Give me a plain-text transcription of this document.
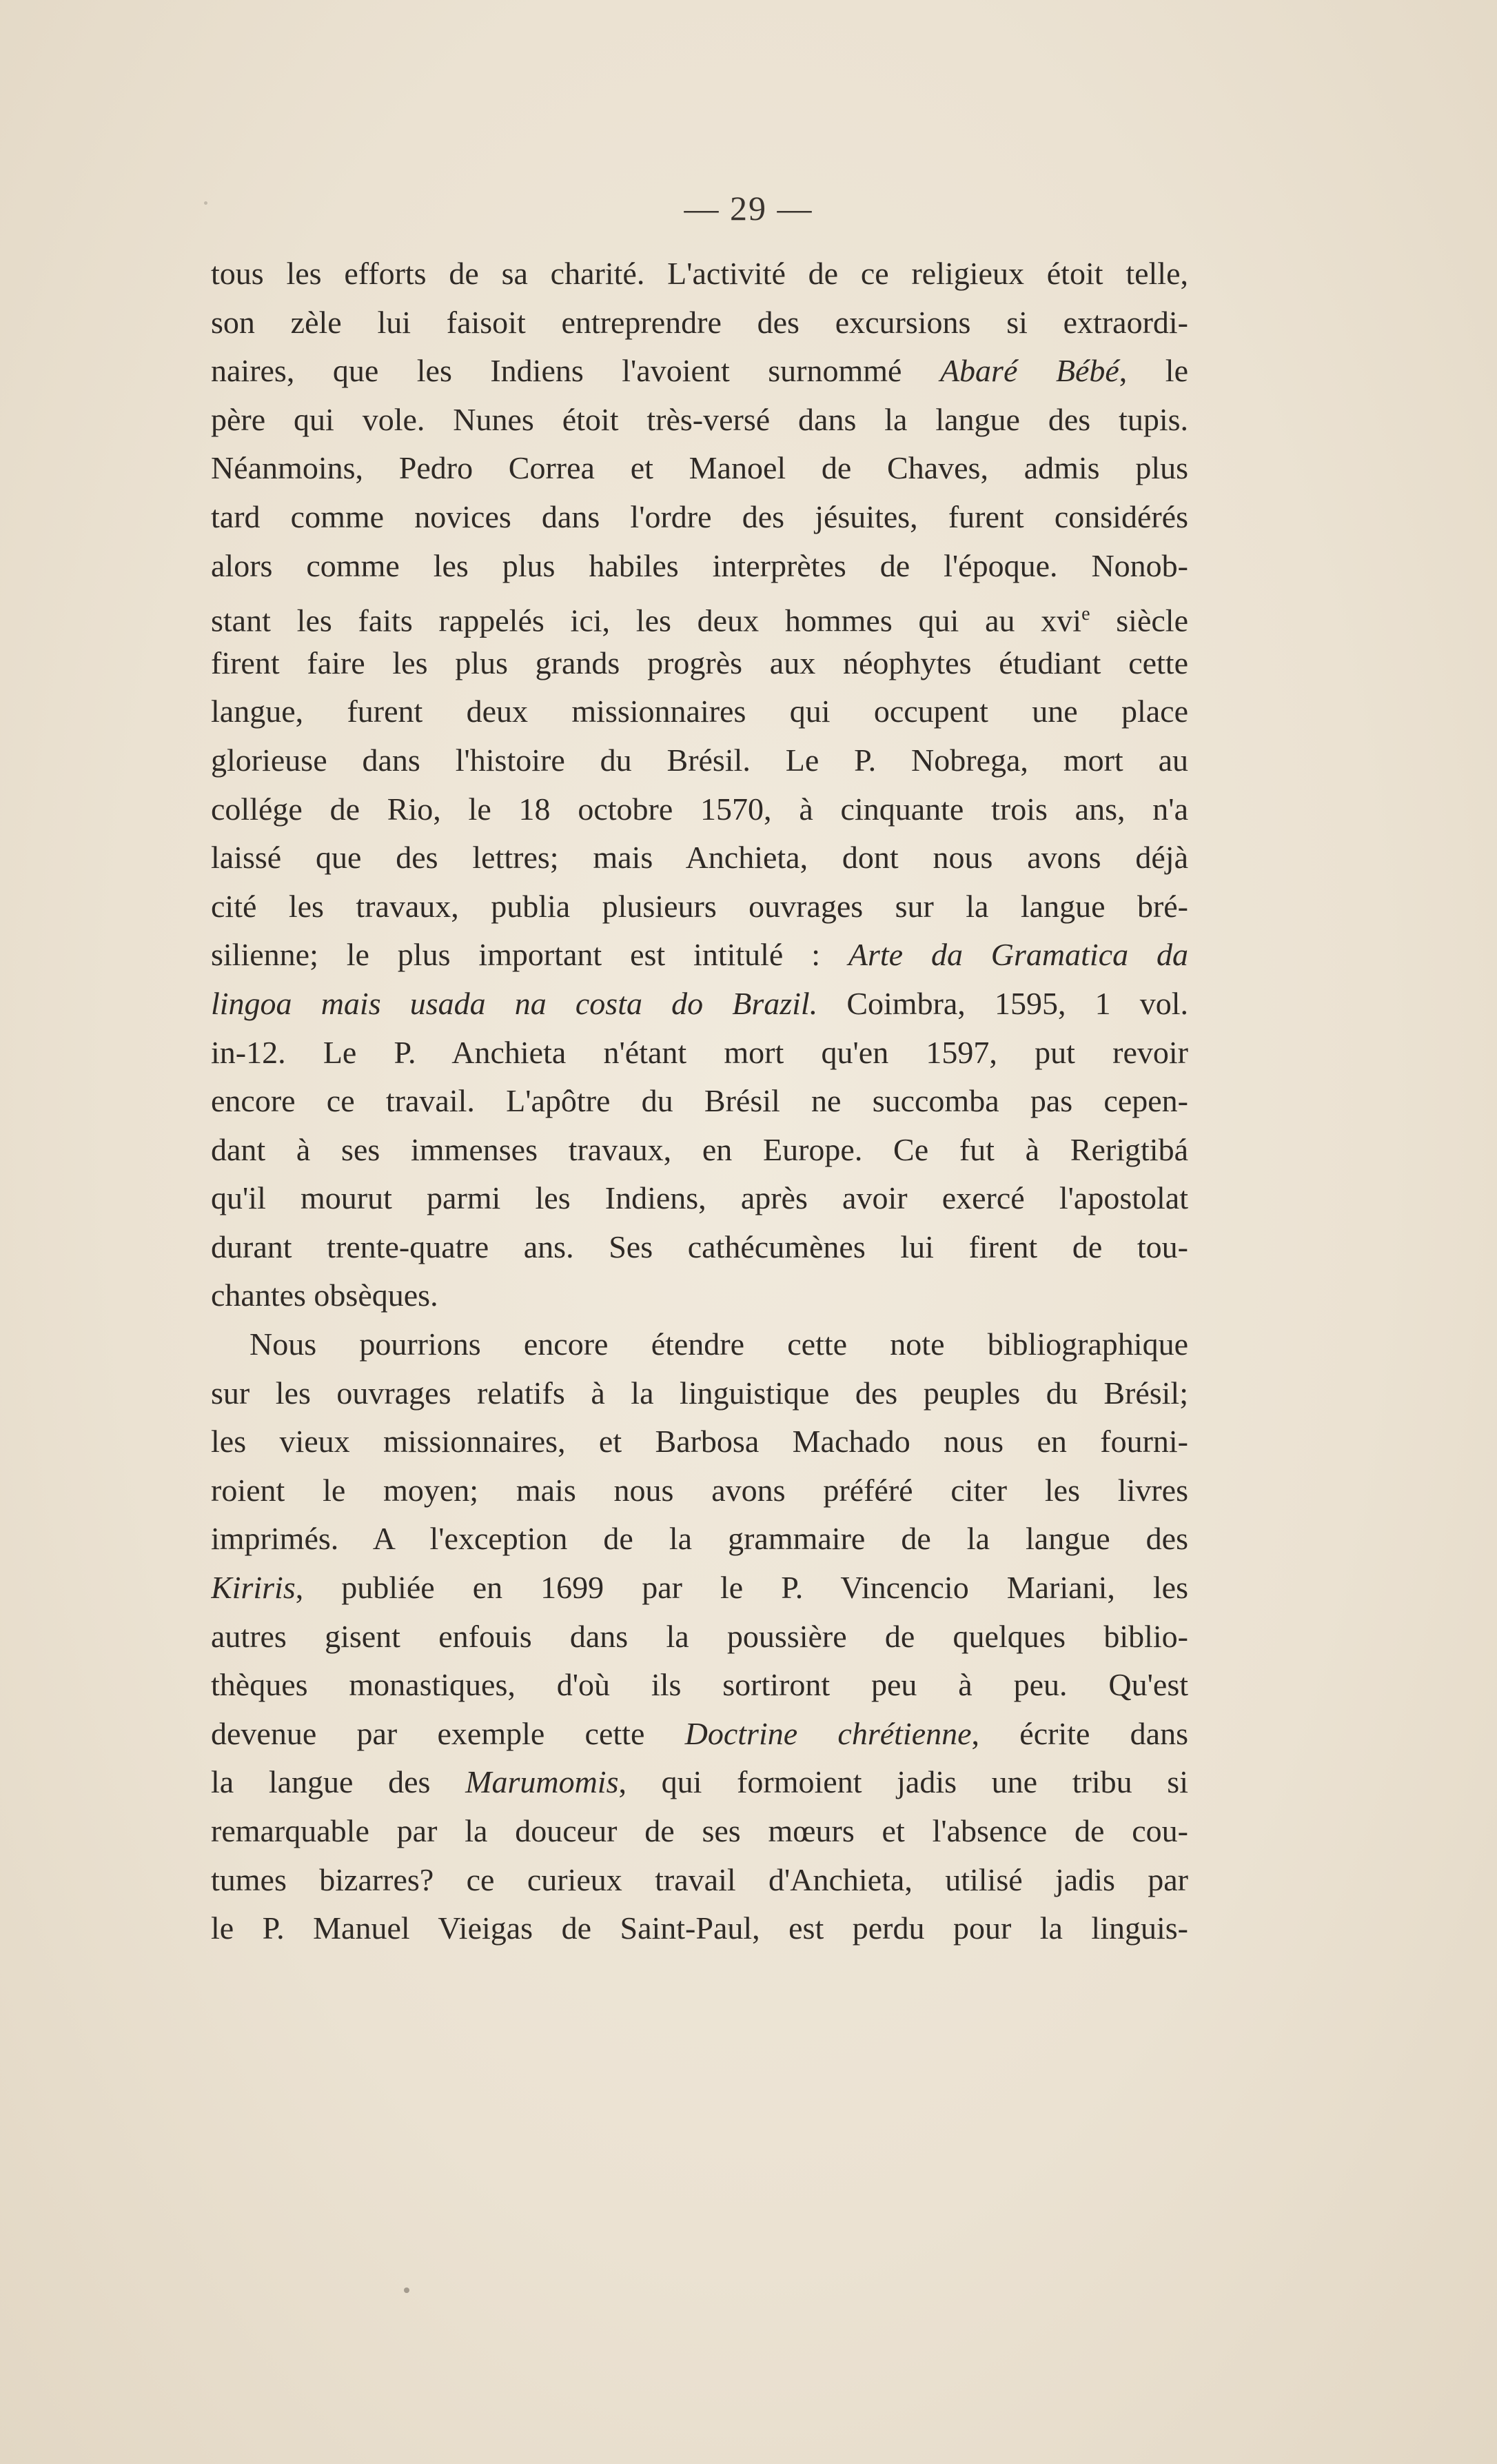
— 29 —
tous les efforts de sa charité. L'activité de ce religieux étoit telle,
son zèle lui faisoit entreprendre des excursions si extraordi-
naires, que les Indiens l'avoient surnommé Abaré Bébé, le
père qui vole. Nunes étoit très-versé dans la langue des tupis.
Néanmoins, Pedro Correa et Manoel de Chaves, admis plus
tard comme novices dans l'ordre des jésuites, furent considérés
alors comme les plus habiles interprètes de l'époque. Nonob-
stant les faits rappelés ici, les deux hommes qui au xvi$^e$ siècle
firent faire les plus grands progrès aux néophytes étudiant cette
langue, furent deux missionnaires qui occupent une place
glorieuse dans l'histoire du Brésil. Le P. Nobrega, mort au
collége de Rio, le 18 octobre 1570, à cinquante trois ans, n'a
laissé que des lettres; mais Anchieta, dont nous avons déjà
cité les travaux, publia plusieurs ouvrages sur la langue bré-
silienne; le plus important est intitulé : Arte da Gramatica da
lingoa mais usada na costa do Brazil. Coimbra, 1595, 1 vol.
in-12. Le P. Anchieta n'étant mort qu'en 1597, put revoir
encore ce travail. L'apôtre du Brésil ne succomba pas cepen-
dant à ses immenses travaux, en Europe. Ce fut à Rerigtibá
qu'il mourut parmi les Indiens, après avoir exercé l'apostolat
durant trente-quatre ans. Ses cathécumènes lui firent de tou-
chantes obsèques.
Nous pourrions encore étendre cette note bibliographique
sur les ouvrages relatifs à la linguistique des peuples du Brésil;
les vieux missionnaires, et Barbosa Machado nous en fourni-
roient le moyen; mais nous avons préféré citer les livres
imprimés. A l'exception de la grammaire de la langue des
Kiriris, publiée en 1699 par le P. Vincencio Mariani, les
autres gisent enfouis dans la poussière de quelques biblio-
thèques monastiques, d'où ils sortiront peu à peu. Qu'est
devenue par exemple cette Doctrine chrétienne, écrite dans
la langue des Marumomis, qui formoient jadis une tribu si
remarquable par la douceur de ses mœurs et l'absence de cou-
tumes bizarres? ce curieux travail d'Anchieta, utilisé jadis par
le P. Manuel Vieigas de Saint-Paul, est perdu pour la linguis-
